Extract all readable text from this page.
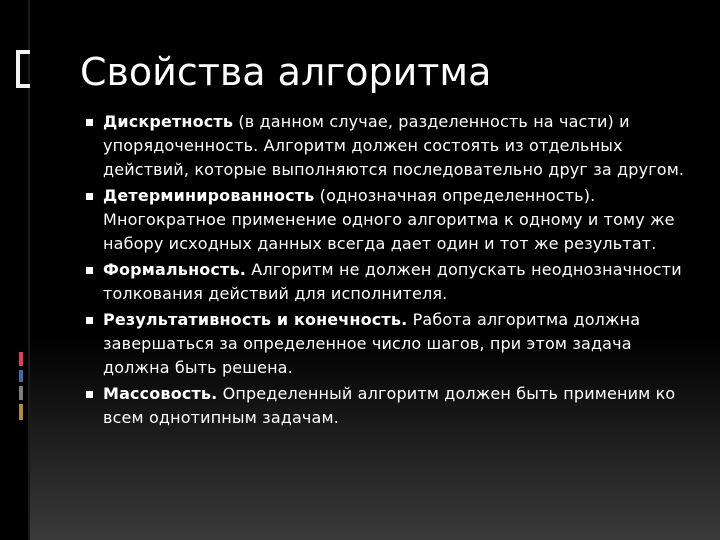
Свойства алгоритма
Дискретность (в данном случае, разделенность на части) и упорядоченность. Алгоритм должен состоять из отдельных действий, которые выполняются последовательно друг за другом.
Детерминированность (однозначная определенность). Многократное применение одного алгоритма к одному и тому же набору исходных данных всегда дает один и тот же результат.
Формальность. Алгоритм не должен допускать неоднозначности толкования действий для исполнителя.
Результативность и конечность. Работа алгоритма должна завершаться за определенное число шагов, при этом задача должна быть решена.
Массовость. Определенный алгоритм должен быть применим ко всем однотипным задачам.
